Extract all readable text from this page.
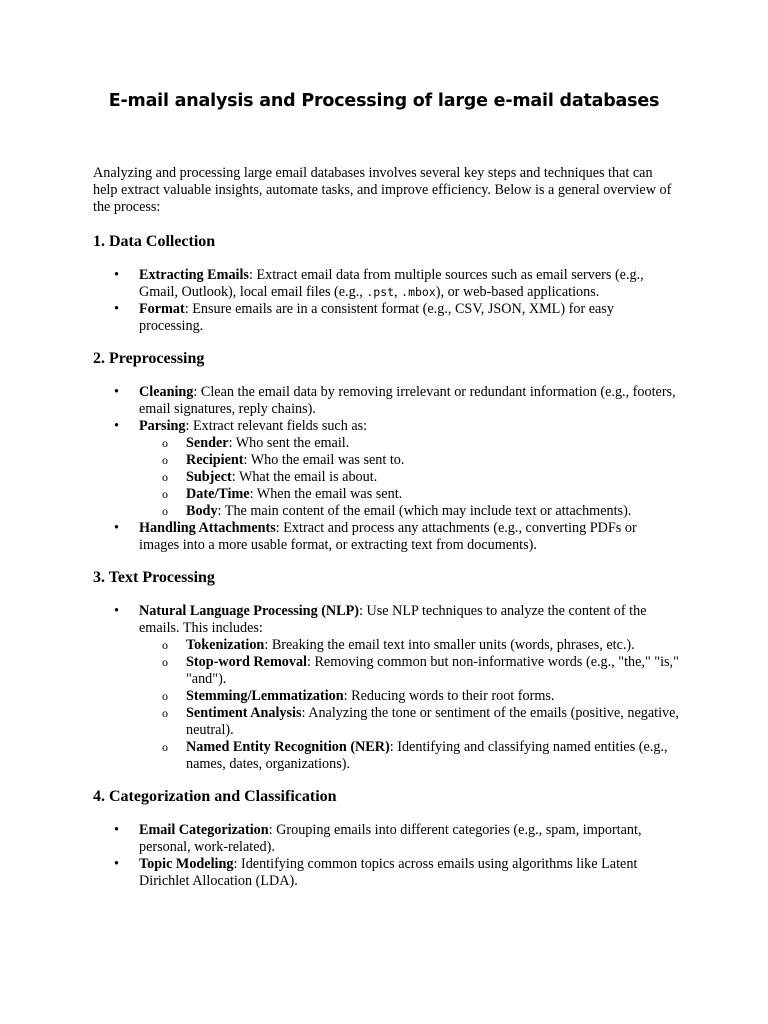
E-mail analysis and Processing of large e-mail databases

Analyzing and processing large email databases involves several key steps and techniques that can help extract valuable insights, automate tasks, and improve efficiency. Below is a general overview of the process:

1. Data Collection
• Extracting Emails: Extract email data from multiple sources such as email servers (e.g., Gmail, Outlook), local email files (e.g., .pst, .mbox), or web-based applications.
• Format: Ensure emails are in a consistent format (e.g., CSV, JSON, XML) for easy processing.
2. Preprocessing
• Cleaning: Clean the email data by removing irrelevant or redundant information (e.g., footers, email signatures, reply chains).
• Parsing: Extract relevant fields such as:
o Sender: Who sent the email.
o Recipient: Who the email was sent to.
o Subject: What the email is about.
o Date/Time: When the email was sent.
o Body: The main content of the email (which may include text or attachments).
• Handling Attachments: Extract and process any attachments (e.g., converting PDFs or images into a more usable format, or extracting text from documents).
3. Text Processing
• Natural Language Processing (NLP): Use NLP techniques to analyze the content of the emails. This includes:
o Tokenization: Breaking the email text into smaller units (words, phrases, etc.).
o Stop-word Removal: Removing common but non-informative words (e.g., "the," "is," "and").
o Stemming/Lemmatization: Reducing words to their root forms.
o Sentiment Analysis: Analyzing the tone or sentiment of the emails (positive, negative, neutral).
o Named Entity Recognition (NER): Identifying and classifying named entities (e.g., names, dates, organizations).
4. Categorization and Classification
• Email Categorization: Grouping emails into different categories (e.g., spam, important, personal, work-related).
• Topic Modeling: Identifying common topics across emails using algorithms like Latent Dirichlet Allocation (LDA).
